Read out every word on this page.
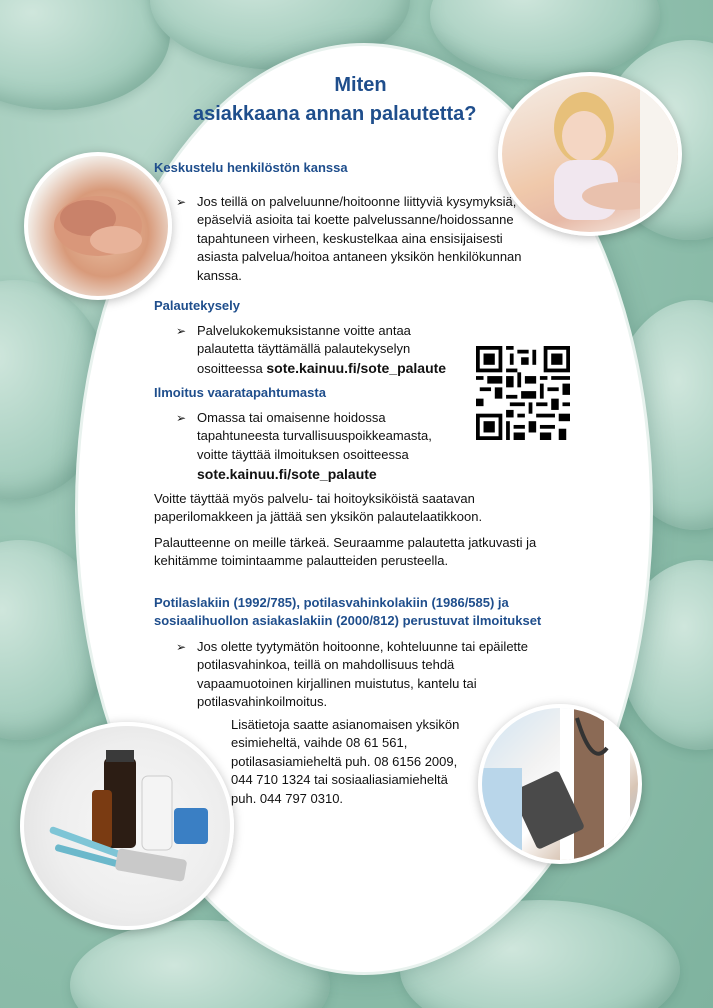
Miten
asiakkaana annan palautetta?
Keskustelu henkilöstön kanssa
➢ Jos teillä on palveluunne/hoitoonne liittyviä kysymyksiä,
epäselviä asioita tai koette palvelussanne/hoidossanne
tapahtuneen virheen, keskustelkaa aina ensisijaisesti
asiasta palvelua/hoitoa antaneen yksikön henkilökunnan
kanssa.
Palautekysely
➢ Palvelukokemuksistanne voitte antaa
palautetta täyttämällä palautekyselyn
osoitteessa sote.kainuu.fi/sote_palaute
Ilmoitus vaaratapahtumasta
➢ Omassa tai omaisenne hoidossa
tapahtuneesta turvallisuuspoikkeamasta,
voitte täyttää ilmoituksen osoitteessa
sote.kainuu.fi/sote_palaute
Voitte täyttää myös palvelu- tai hoitoyksiköistä saatavan
paperilomakkeen ja jättää sen yksikön palautelaatikkoon.
Palautteenne on meille tärkeä. Seuraamme palautetta jatkuvasti ja
kehitämme toimintaamme palautteiden perusteella.
Potilaslakiin (1992/785), potilasvahinkolakiin (1986/585) ja
sosiaalihuollon asiakaslakiin (2000/812) perustuvat ilmoitukset
➢ Jos olette tyytymätön hoitoonne, kohteluunne tai epäilette
potilasvahinkoa, teillä on mahdollisuus tehdä
vapaamuotoinen kirjallinen muistutus, kantelu tai
potilasvahinkoilmoitus.
Lisätietoja saatte asianomaisen yksikön
esimieheltä, vaihde 08 61 561,
potilasasiamieheltä puh. 08 6156 2009,
044 710 1324 tai sosiaaliasiamieheltä
puh. 044 797 0310.
